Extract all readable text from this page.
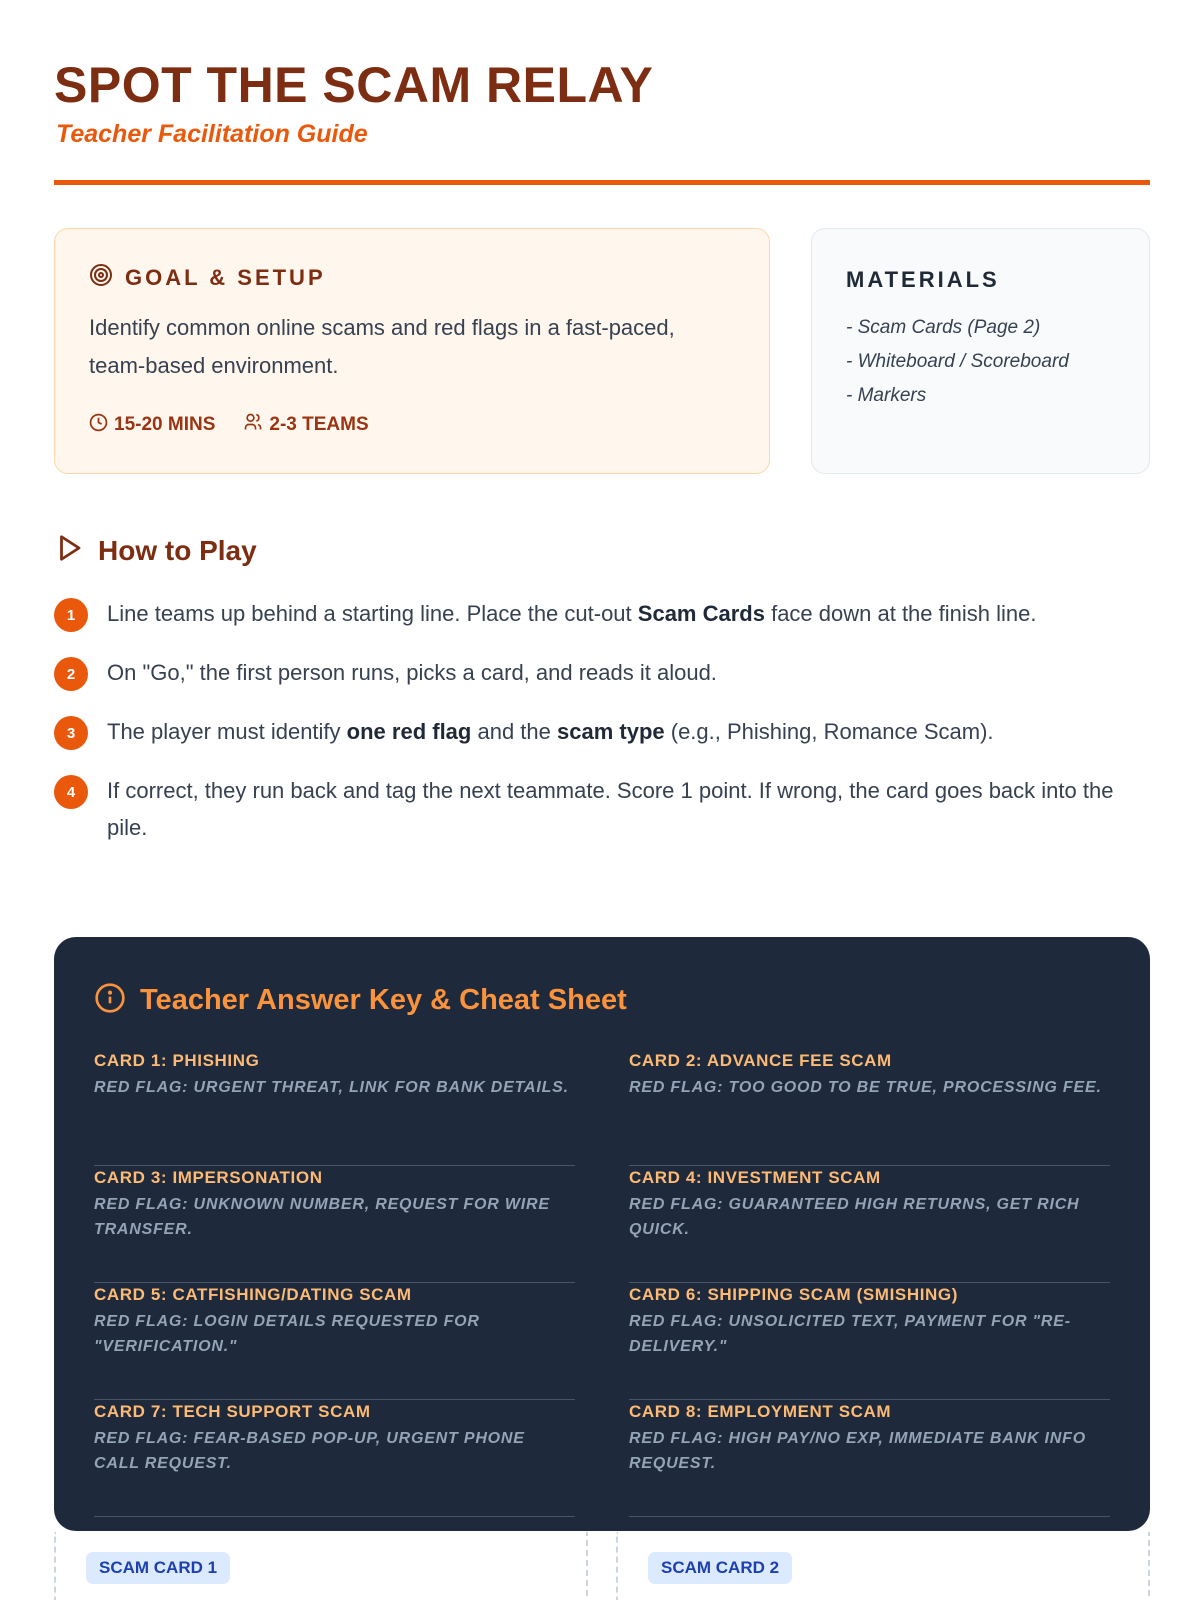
SPOT THE SCAM RELAY
Teacher Facilitation Guide
GOAL & SETUP

Identify common online scams and red flags in a fast-paced, team-based environment.

15-20 MINS	2-3 TEAMS
MATERIALS
- Scam Cards (Page 2)
- Whiteboard / Scoreboard
- Markers
How to Play
1	Line teams up behind a starting line. Place the cut-out Scam Cards face down at the finish line.

2	On "Go," the first person runs, picks a card, and reads it aloud.

3	The player must identify one red flag and the scam type (e.g., Phishing, Romance Scam).

4	If correct, they run back and tag the next teammate. Score 1 point. If wrong, the card goes back into the pile.

Teacher Answer Key & Cheat Sheet
CARD 1: PHISHING
RED FLAG: URGENT THREAT, LINK FOR BANK DETAILS.
CARD 2: ADVANCE FEE SCAM
RED FLAG: TOO GOOD TO BE TRUE, PROCESSING FEE.
CARD 3: IMPERSONATION
RED FLAG: UNKNOWN NUMBER, REQUEST FOR WIRE TRANSFER.
CARD 4: INVESTMENT SCAM
RED FLAG: GUARANTEED HIGH RETURNS, GET RICH QUICK.
CARD 5: CATFISHING/DATING SCAM
RED FLAG: LOGIN DETAILS REQUESTED FOR "VERIFICATION."
CARD 6: SHIPPING SCAM (SMISHING)
RED FLAG: UNSOLICITED TEXT, PAYMENT FOR "RE-DELIVERY."
CARD 7: TECH SUPPORT SCAM
RED FLAG: FEAR-BASED POP-UP, URGENT PHONE CALL REQUEST.
CARD 8: EMPLOYMENT SCAM
RED FLAG: HIGH PAY/NO EXP, IMMEDIATE BANK INFO REQUEST.
SCAM CARD 1	SCAM CARD 2
